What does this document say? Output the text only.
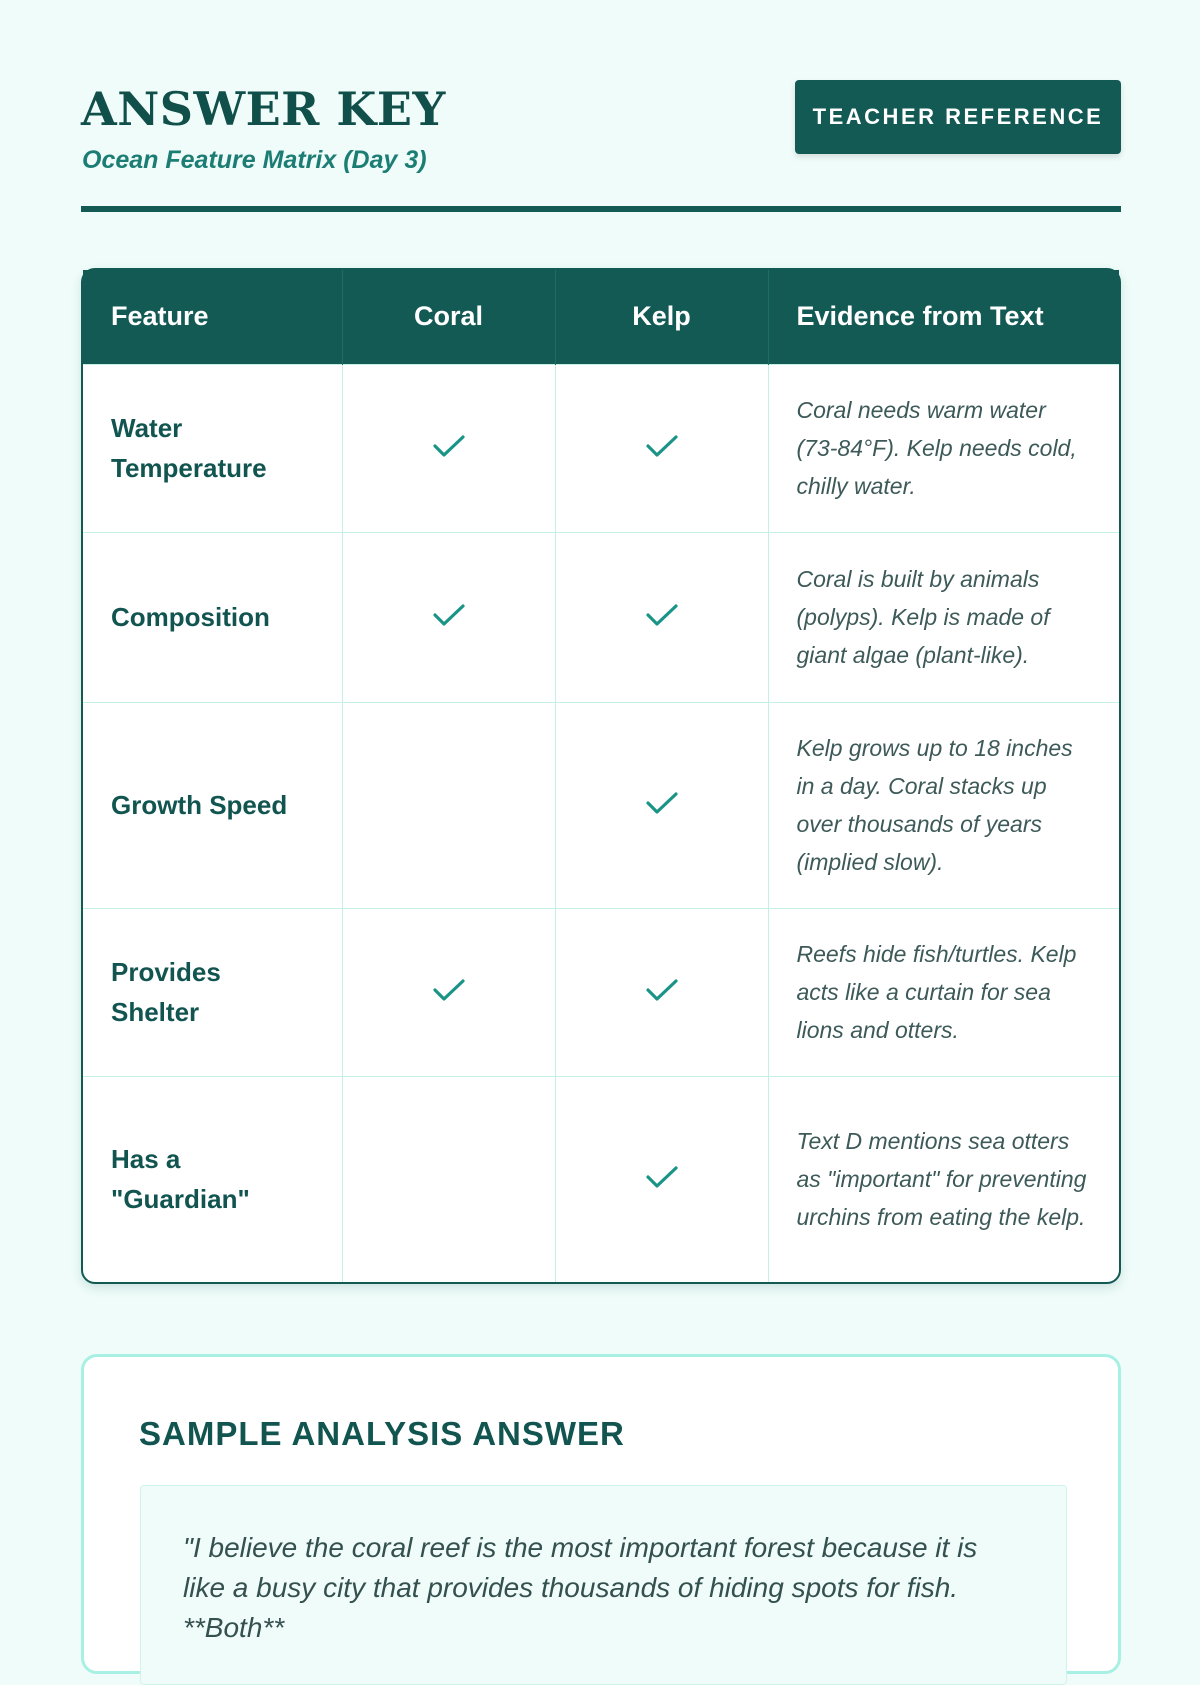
ANSWER KEY
Ocean Feature Matrix (Day 3)
TEACHER REFERENCE
Feature	Coral	Kelp	Evidence from Text
Water Temperature			Coral needs warm water (73-84°F). Kelp needs cold, chilly water.
Composition			Coral is built by animals (polyps). Kelp is made of giant algae (plant-like).
Growth Speed			Kelp grows up to 18 inches in a day. Coral stacks up over thousands of years (implied slow).
Provides Shelter			Reefs hide fish/turtles. Kelp acts like a curtain for sea lions and otters.
Has a "Guardian"			Text D mentions sea otters as "important" for preventing urchins from eating the kelp.
SAMPLE ANALYSIS ANSWER
"I believe the coral reef is the most important forest because it is like a busy city that provides thousands of hiding spots for fish. **Both**
